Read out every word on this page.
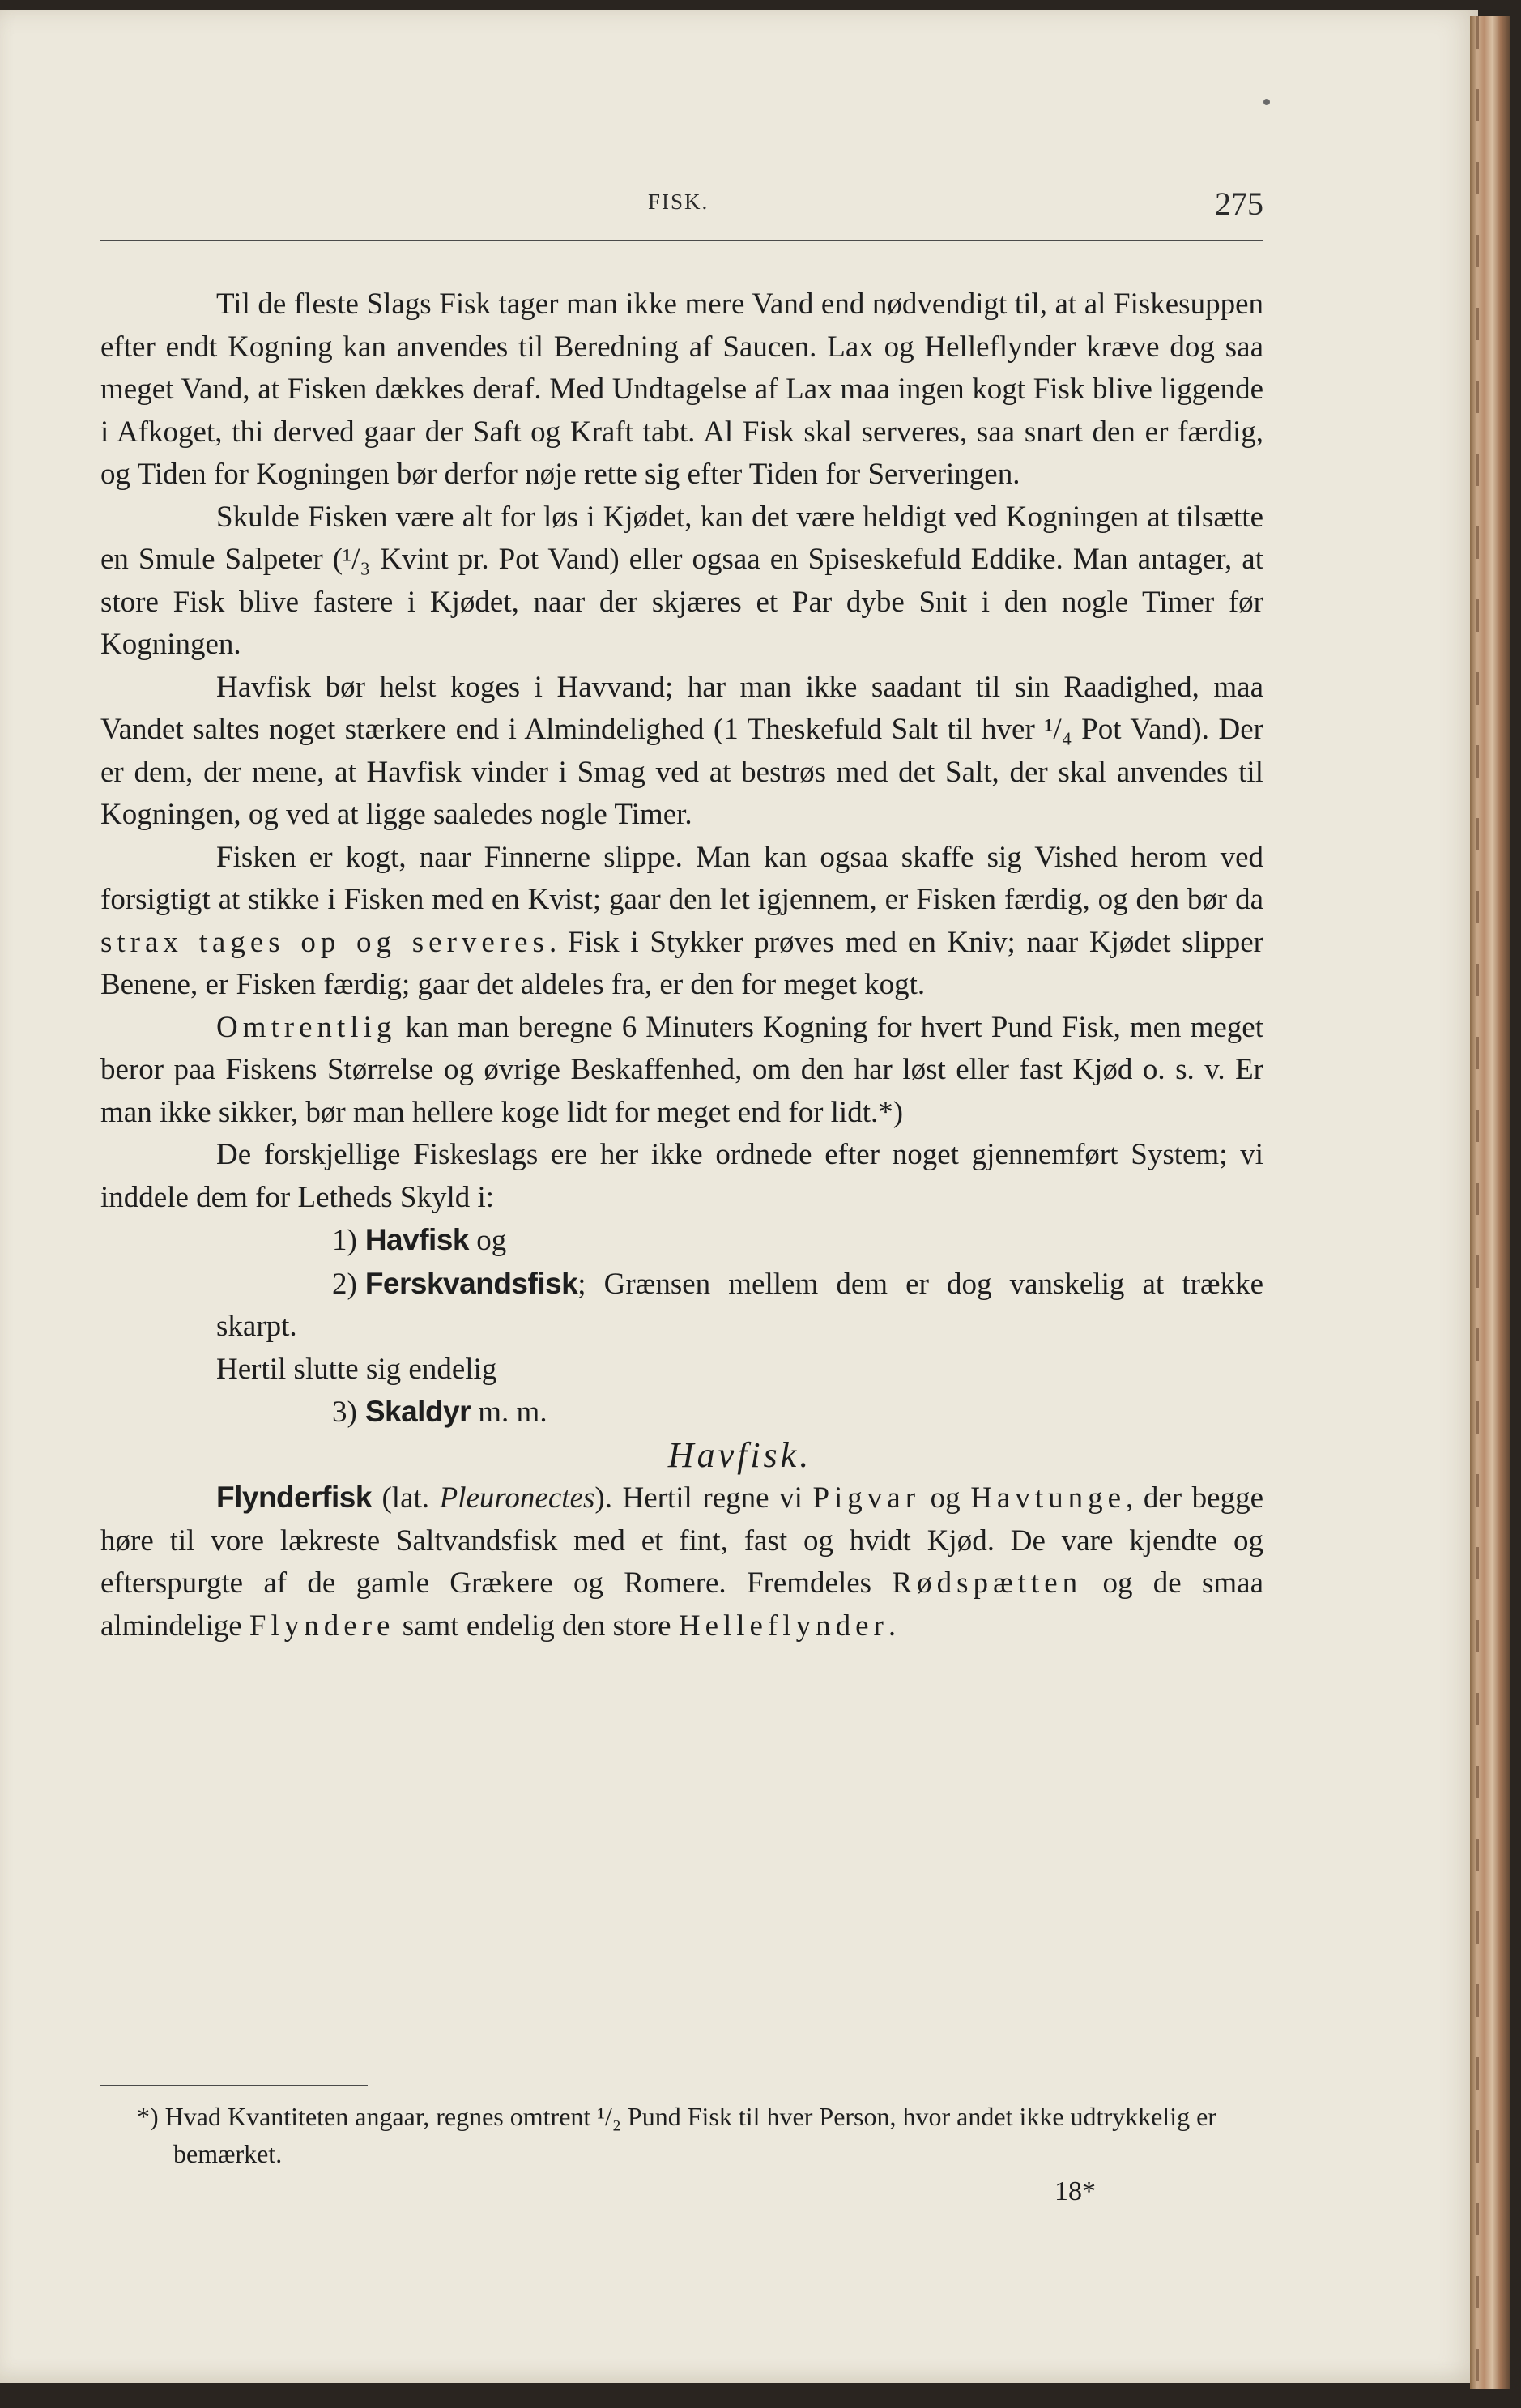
FISK.	275

Til de fleste Slags Fisk tager man ikke mere Vand end nødvendigt til, at al Fiskesuppen efter endt Kogning kan anvendes til Beredning af Saucen. Lax og Helleflynder kræve dog saa meget Vand, at Fisken dækkes deraf. Med Undtagelse af Lax maa ingen kogt Fisk blive liggende i Afkoget, thi derved gaar der Saft og Kraft tabt. Al Fisk skal serveres, saa snart den er færdig, og Tiden for Kogningen bør derfor nøje rette sig efter Tiden for Serveringen.

Skulde Fisken være alt for løs i Kjødet, kan det være heldigt ved Kogningen at tilsætte en Smule Salpeter (¹/₃ Kvint pr. Pot Vand) eller ogsaa en Spiseskefuld Eddike. Man antager, at store Fisk blive fastere i Kjødet, naar der skjæres et Par dybe Snit i den nogle Timer før Kogningen.

Havfisk bør helst koges i Havvand; har man ikke saadant til sin Raadighed, maa Vandet saltes noget stærkere end i Almindelighed (1 Theskefuld Salt til hver ¹/₄ Pot Vand). Der er dem, der mene, at Havfisk vinder i Smag ved at bestrøs med det Salt, der skal anvendes til Kogningen, og ved at ligge saaledes nogle Timer.

Fisken er kogt, naar Finnerne slippe. Man kan ogsaa skaffe sig Vished herom ved forsigtigt at stikke i Fisken med en Kvist; gaar den let igjennem, er Fisken færdig, og den bør da strax tages op og serveres. Fisk i Stykker prøves med en Kniv; naar Kjødet slipper Benene, er Fisken færdig; gaar det aldeles fra, er den for meget kogt.

Omtrentlig kan man beregne 6 Minuters Kogning for hvert Pund Fisk, men meget beror paa Fiskens Størrelse og øvrige Beskaffenhed, om den har løst eller fast Kjød o. s. v. Er man ikke sikker, bør man hellere koge lidt for meget end for lidt.*)

De forskjellige Fiskeslags ere her ikke ordnede efter noget gjennemført System; vi inddele dem for Letheds Skyld i:

1) Havfisk og

2) Ferskvandsfisk; Grænsen mellem dem er dog vanskelig at trække skarpt.

Hertil slutte sig endelig

3) Skaldyr m. m.

Havfisk.

Flynderfisk (lat. Pleuronectes). Hertil regne vi Pigvar og Havtunge, der begge høre til vore lækreste Saltvandsfisk med et fint, fast og hvidt Kjød. De vare kjendte og efterspurgte af de gamle Grækere og Romere. Fremdeles Rødspætten og de smaa almindelige Flyndere samt endelig den store Helleflynder.

*) Hvad Kvantiteten angaar, regnes omtrent ¹/₂ Pund Fisk til hver Person, hvor andet ikke udtrykkelig er bemærket.
18*
